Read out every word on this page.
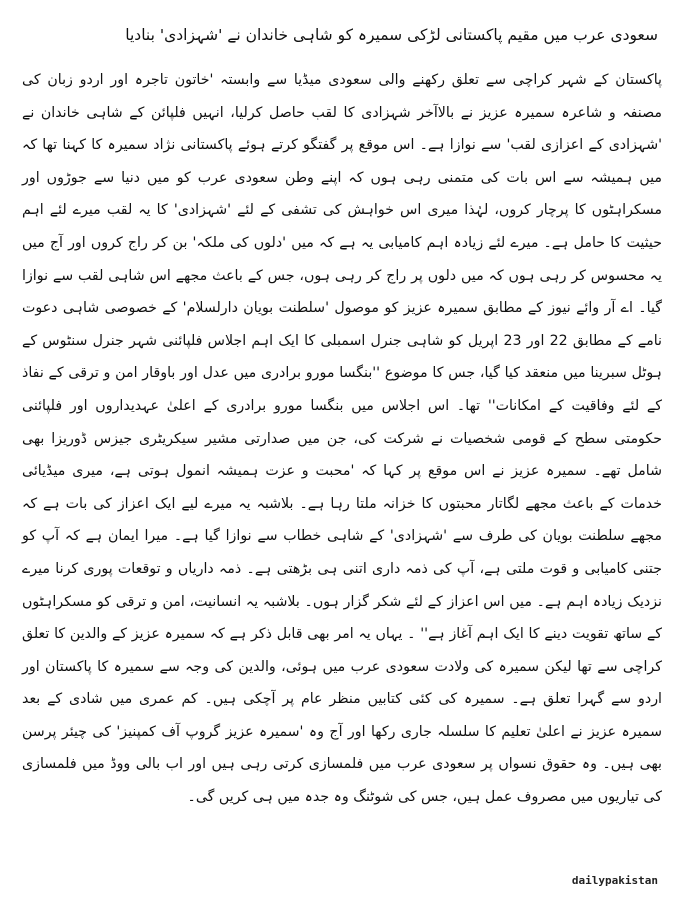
سعودی عرب میں مقیم پاکستانی لڑکی سمیرہ کو شاہی خاندان نے 'شہزادی' بنادیا

پاکستان کے شہر کراچی سے تعلق رکھنے والی سعودی میڈیا سے وابستہ 'خاتون تاجرہ اور اردو زبان کی مصنفہ و شاعرہ سمیرہ عزیز نے بالاآخر شہزادی کا لقب حاصل کرلیا، انہیں فلپائن کے شاہی خاندان نے 'شہزادی کے اعزازی لقب' سے نوازا ہے۔ اس موقع پر گفتگو کرتے ہوئے پاکستانی نژاد سمیرہ کا کہنا تھا کہ میں ہمیشہ سے اس بات کی متمنی رہی ہوں کہ اپنے وطن سعودی عرب کو میں دنیا سے جوڑوں اور مسکراہٹوں کا پرچار کروں، لہٰذا میری اس خواہش کی تشفی کے لئے 'شہزادی' کا یہ لقب میرے لئے اہم حیثیت کا حامل ہے۔ میرے لئے زیادہ اہم کامیابی یہ ہے کہ میں 'دلوں کی ملکہ' بن کر راج کروں اور آج میں یہ محسوس کر رہی ہوں کہ میں دلوں پر راج کر رہی ہوں، جس کے باعث مجھے اس شاہی لقب سے نوازا گیا۔ اے آر وائے نیوز کے مطابق سمیرہ عزیز کو موصول 'سلطنت بویان دارلسلام' کے خصوصی شاہی دعوت نامے کے مطابق 22 اور 23 اپریل کو شاہی جنرل اسمبلی کا ایک اہم اجلاس فلپائنی شہر جنرل سنٹوس کے ہوٹل سبرینا میں منعقد کیا گیا، جس کا موضوع ''بنگسا مورو برادری میں عدل اور باوقار امن و ترقی کے نفاذ کے لئے وفاقیت کے امکانات'' تھا۔ اس اجلاس میں بنگسا مورو برادری کے اعلیٰ عہدیداروں اور فلپائنی حکومتی سطح کے قومی شخصیات نے شرکت کی، جن میں صدارتی مشیر سیکریٹری جیزس ڈوریزا بھی شامل تھے۔ سمیرہ عزیز نے اس موقع پر کہا کہ 'محبت و عزت ہمیشہ انمول ہوتی ہے، میری میڈیائی خدمات کے باعث مجھے لگاتار محبتوں کا خزانہ ملتا رہا ہے۔ بلاشبہ یہ میرے لیے ایک اعزاز کی بات ہے کہ مجھے سلطنت بویان کی طرف سے 'شہزادی' کے شاہی خطاب سے نوازا گیا ہے۔ میرا ایمان ہے کہ آپ کو جتنی کامیابی و قوت ملتی ہے، آپ کی ذمہ داری اتنی ہی بڑھتی ہے۔ ذمہ داریاں و توقعات پوری کرنا میرے نزدیک زیادہ اہم ہے۔ میں اس اعزاز کے لئے شکر گزار ہوں۔ بلاشبہ یہ انسانیت، امن و ترقی کو مسکراہٹوں کے ساتھ تقویت دینے کا ایک اہم آغاز ہے'' ۔ یہاں یہ امر بھی قابل ذکر ہے کہ سمیرہ عزیز کے والدین کا تعلق کراچی سے تھا لیکن سمیرہ کی ولادت سعودی عرب میں ہوئی، والدین کی وجہ سے سمیرہ کا پاکستان اور اردو سے گہرا تعلق ہے۔ سمیرہ کی کئی کتابیں منظر عام پر آچکی ہیں۔ کم عمری میں شادی کے بعد سمیرہ عزیز نے اعلیٰ تعلیم کا سلسلہ جاری رکھا اور آج وہ 'سمیرہ عزیز گروپ آف کمپنیز' کی چیئر پرسن بھی ہیں۔ وہ حقوق نسواں پر سعودی عرب میں فلمسازی کرتی رہی ہیں اور اب بالی ووڈ میں فلمسازی کی تیاریوں میں مصروف عمل ہیں، جس کی شوٹنگ وہ جدہ میں ہی کریں گی۔

dailypakistan
